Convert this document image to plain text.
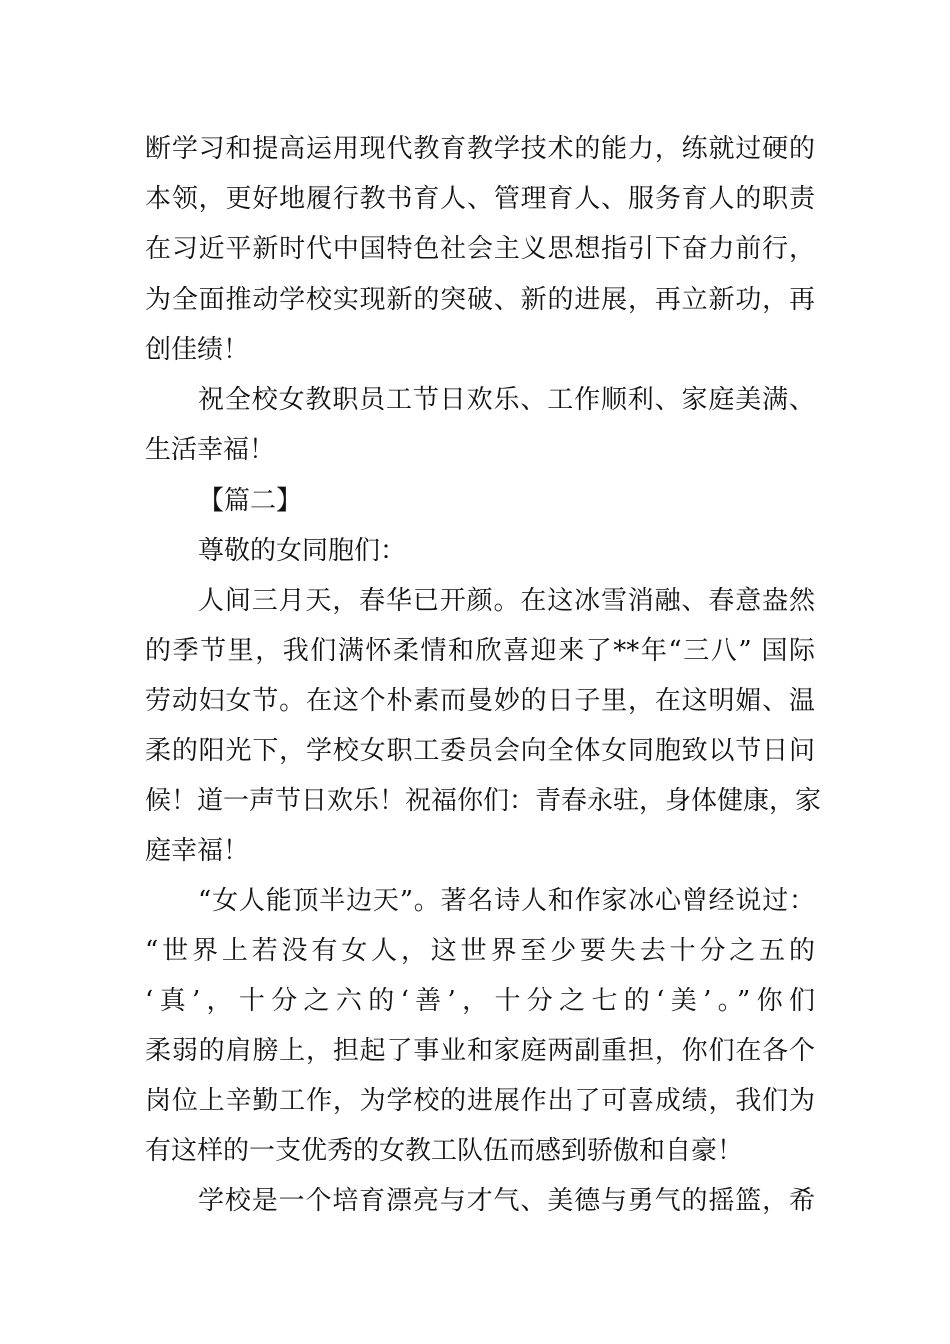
断学习和提高运用现代教育教学技术的能力，练就过硬的
本领，更好地履行教书育人、管理育人、服务育人的职责
在习近平新时代中国特色社会主义思想指引下奋力前行，
为全面推动学校实现新的突破、新的进展，再立新功，再
创佳绩！
祝全校女教职员工节日欢乐、工作顺利、家庭美满、
生活幸福！
【篇二】
尊敬的女同胞们：
人间三月天，春华已开颜。在这冰雪消融、春意盎然
的季节里，我们满怀柔情和欣喜迎来了**年“三八” 国际
劳动妇女节。在这个朴素而曼妙的日子里，在这明媚、温
柔的阳光下，学校女职工委员会向全体女同胞致以节日问
候！道一声节日欢乐！祝福你们：青春永驻，身体健康，家
庭幸福！
“女人能顶半边天”。著名诗人和作家冰心曾经说过：
“世界上若没有女人，这世界至少要失去十分之五的
‘真’，十分之六的‘善’，十分之七的‘美’。”你们
柔弱的肩膀上，担起了事业和家庭两副重担，你们在各个
岗位上辛勤工作，为学校的进展作出了可喜成绩，我们为
有这样的一支优秀的女教工队伍而感到骄傲和自豪！
学校是一个培育漂亮与才气、美德与勇气的摇篮，希
